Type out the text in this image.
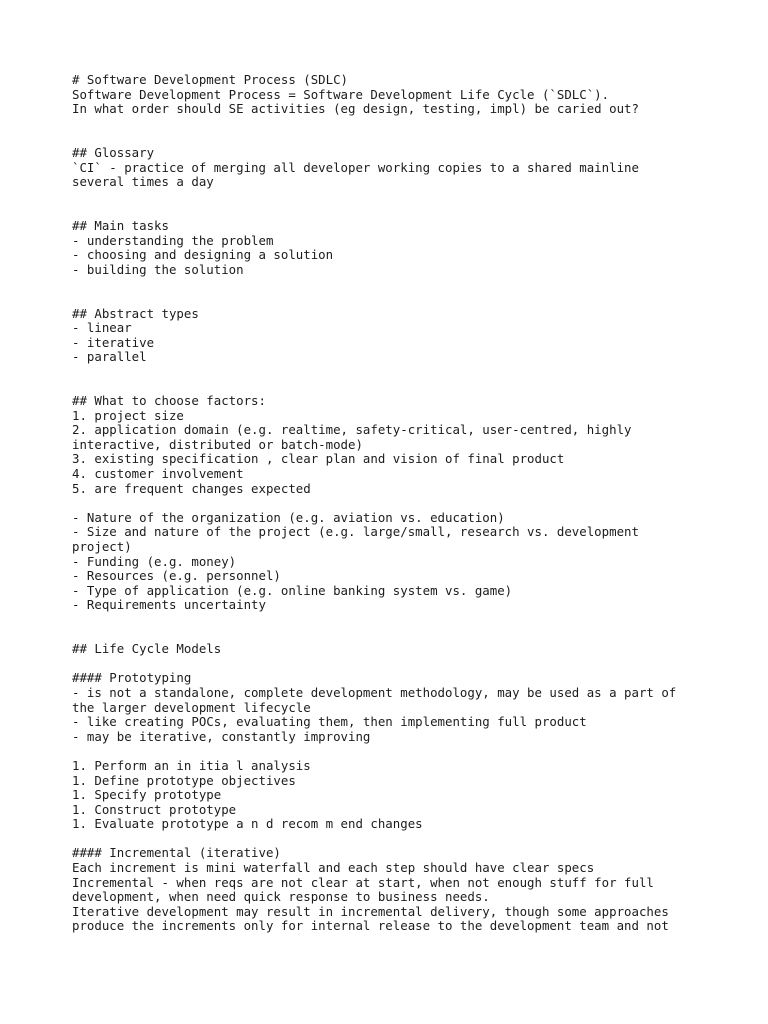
# Software Development Process (SDLC)
Software Development Process = Software Development Life Cycle (`SDLC`).
In what order should SE activities (eg design, testing, impl) be caried out?
## Glossary
`CI` - practice of merging all developer working copies to a shared mainline
several times a day
## Main tasks
- understanding the problem
- choosing and designing a solution
- building the solution
## Abstract types
- linear
- iterative
- parallel
## What to choose factors:
1. project size
2. application domain (e.g. realtime, safety-critical, user-centred, highly
interactive, distributed or batch-mode)
3. existing specification , clear plan and vision of final product
4. customer involvement
5. are frequent changes expected
- Nature of the organization (e.g. aviation vs. education)
- Size and nature of the project (e.g. large/small, research vs. development
project)
- Funding (e.g. money)
- Resources (e.g. personnel)
- Type of application (e.g. online banking system vs. game)
- Requirements uncertainty
## Life Cycle Models
#### Prototyping
- is not a standalone, complete development methodology, may be used as a part of
the larger development lifecycle
- like creating POCs, evaluating them, then implementing full product
- may be iterative, constantly improving
1. Perform an in itia l analysis
1. Define prototype objectives
1. Specify prototype
1. Construct prototype
1. Evaluate prototype a n d recom m end changes
#### Incremental (iterative)
Each increment is mini waterfall and each step should have clear specs
Incremental - when reqs are not clear at start, when not enough stuff for full
development, when need quick response to business needs.
Iterative development may result in incremental delivery, though some approaches
produce the increments only for internal release to the development team and not
